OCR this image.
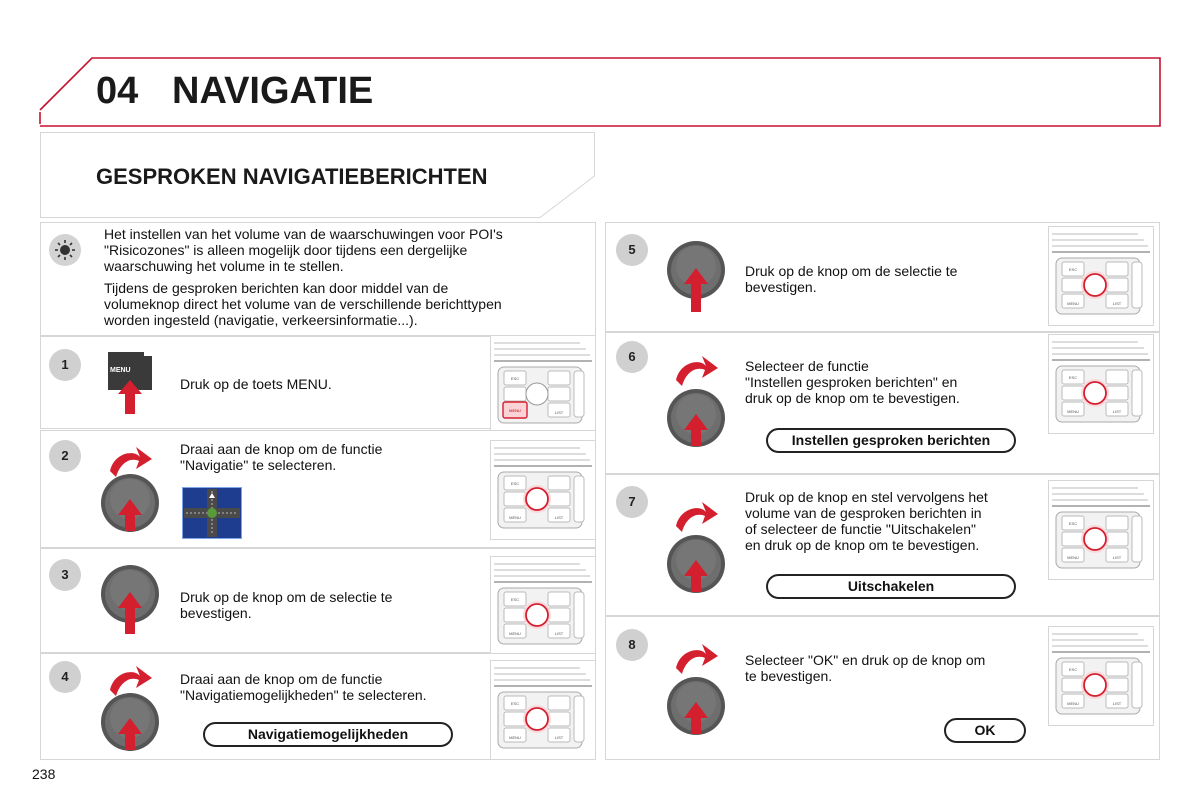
04 NAVIGATIE
GESPROKEN NAVIGATIEBERICHTEN
Het instellen van het volume van de waarschuwingen voor POI's
"Risicozones" is alleen mogelijk door tijdens een dergelijke
waarschuwing het volume in te stellen.
Tijdens de gesproken berichten kan door middel van de
volumeknop direct het volume van de verschillende berichttypen
worden ingesteld (navigatie, verkeersinformatie...).
1	MENU
Druk op de toets MENU.	ESC
LIST
MENU
2	Draai aan de knop om de functie
"Navigatie" te selecteren.
ESC
LIST
MENU
3
Druk op de knop om de selectie te
bevestigen.
ESC
LIST
MENU
4	Draai aan de knop om de functie
"Navigatiemogelijkheden" te selecteren.
Navigatiemogelijkheden
ESC
LIST
MENU
5
Druk op de knop om de selectie te
bevestigen.
ESC
LIST
MENU
6
Selecteer de functie
"Instellen gesproken berichten" en
druk op de knop om te bevestigen.
Instellen gesproken berichten
ESC
LIST
MENU
7	Druk op de knop en stel vervolgens het
volume van de gesproken berichten in
of selecteer de functie "Uitschakelen"
en druk op de knop om te bevestigen.
Uitschakelen
ESC
LIST
MENU
8
Selecteer "OK" en druk op de knop om
te bevestigen.
OK
ESC
LIST
MENU
238
